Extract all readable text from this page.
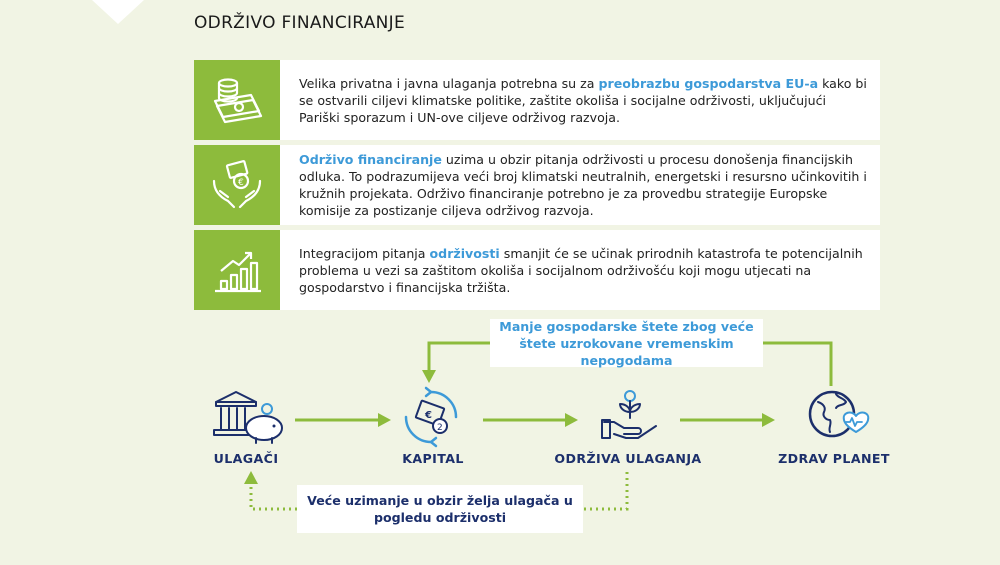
ODRŽIVO FINANCIRANJE
Velika privatna i javna ulaganja potrebna su za preobrazbu gospodarstva EU-a kako bi se ostvarili ciljevi klimatske politike, zaštite okoliša i socijalne održivosti, uključujući Pariški sporazum i UN-ove ciljeve održivog razvoja.
€
Održivo financiranje uzima u obzir pitanja održivosti u procesu donošenja financijskih odluka. To podrazumijeva veći broj klimatski neutralnih, energetski i resursno učinkovitih i kružnih projekata. Održivo financiranje potrebno je za provedbu strategije Europske komisije za postizanje ciljeva održivog razvoja.
Integracijom pitanja održivosti smanjit će se učinak prirodnih katastrofa te potencijalnih problema u vezi sa zaštitom okoliša i socijalnom održivošću koji mogu utjecati na gospodarstvo i financijska tržišta.
€
2
ULAGAČI	KAPITAL	ODRŽIVA ULAGANJA	ZDRAV PLANET
Manje gospodarske štete zbog veće štete uzrokovane vremenskim nepogodama
Veće uzimanje u obzir želja ulagača u pogledu održivosti
